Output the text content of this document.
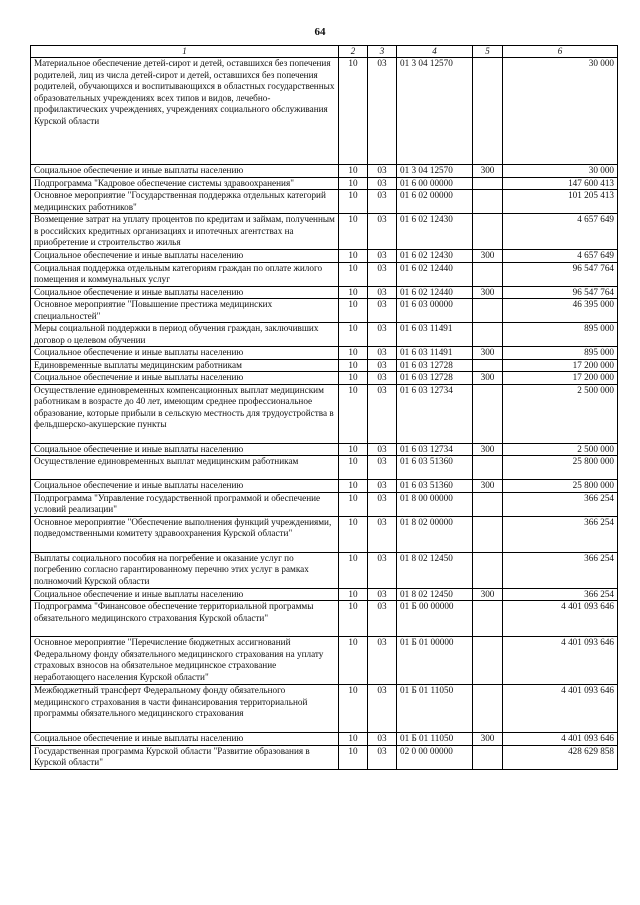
64
1	2	3	4	5	6
Материальное обеспечение детей-сирот и детей, оставшихся без попечения родителей, лиц из числа детей-сирот и детей, оставшихся без попечения родителей, обучающихся и воспитывающихся в областных государственных образовательных учреждениях всех типов и видов, лечебно-профилактических учреждениях, учреждениях социального обслуживания Курской области	10	03	01 3 04 12570		30 000
Социальное обеспечение и иные выплаты населению	10	03	01 3 04 12570	300	30 000
Подпрограмма "Кадровое обеспечение системы здравоохранения"	10	03	01 6 00 00000		147 600 413
Основное мероприятие "Государственная поддержка отдельных категорий медицинских работников"	10	03	01 6 02 00000		101 205 413
Возмещение затрат на уплату процентов по кредитам и займам, полученным в российских кредитных организациях и ипотечных агентствах на приобретение и строительство жилья	10	03	01 6 02 12430		4 657 649
Социальное обеспечение и иные выплаты населению	10	03	01 6 02 12430	300	4 657 649
Социальная поддержка отдельным категориям граждан по оплате жилого помещения и коммунальных услуг	10	03	01 6 02 12440		96 547 764
Социальное обеспечение и иные выплаты населению	10	03	01 6 02 12440	300	96 547 764
Основное мероприятие "Повышение престижа медицинских специальностей"	10	03	01 6 03 00000		46 395 000
Меры социальной поддержки в период обучения граждан, заключивших договор о целевом обучении	10	03	01 6 03 11491		895 000
Социальное обеспечение и иные выплаты населению	10	03	01 6 03 11491	300	895 000
Единовременные выплаты медицинским работникам	10	03	01 6 03 12728		17 200 000
Социальное обеспечение и иные выплаты населению	10	03	01 6 03 12728	300	17 200 000
Осуществление единовременных компенсационных выплат медицинским работникам в возрасте до 40 лет, имеющим среднее профессиональное образование, которые прибыли в сельскую местность для трудоустройства в фельдшерско-акушерские пункты	10	03	01 6 03 12734		2 500 000
Социальное обеспечение и иные выплаты населению	10	03	01 6 03 12734	300	2 500 000
Осуществление единовременных выплат медицинским работникам	10	03	01 6 03 51360		25 800 000
Социальное обеспечение и иные выплаты населению	10	03	01 6 03 51360	300	25 800 000
Подпрограмма "Управление государственной программой и обеспечение условий реализации"	10	03	01 8 00 00000		366 254
Основное мероприятие "Обеспечение выполнения функций учреждениями, подведомственными комитету здравоохранения Курской области"	10	03	01 8 02 00000		366 254
Выплаты социального пособия на погребение и оказание услуг по погребению согласно гарантированному перечню этих услуг в рамках полномочий Курской области	10	03	01 8 02 12450		366 254
Социальное обеспечение и иные выплаты населению	10	03	01 8 02 12450	300	366 254
Подпрограмма "Финансовое обеспечение территориальной программы обязательного медицинского страхования Курской области"	10	03	01 Б 00 00000		4 401 093 646
Основное мероприятие "Перечисление бюджетных ассигнований Федеральному фонду обязательного медицинского страхования на уплату страховых взносов на обязательное медицинское страхование неработающего населения Курской области"	10	03	01 Б 01 00000		4 401 093 646
Межбюджетный трансферт Федеральному фонду обязательного медицинского страхования в части финансирования территориальной программы обязательного медицинского страхования	10	03	01 Б 01 11050		4 401 093 646
Социальное обеспечение и иные выплаты населению	10	03	01 Б 01 11050	300	4 401 093 646
Государственная программа Курской области "Развитие образования в Курской области"	10	03	02 0 00 00000		428 629 858
